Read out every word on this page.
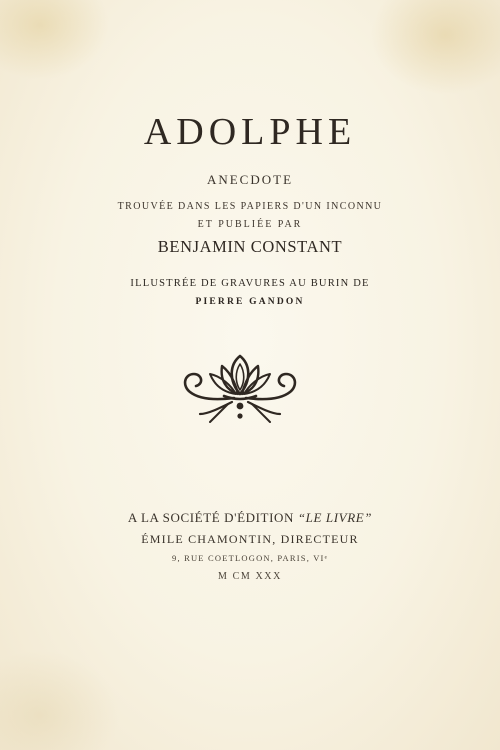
ADOLPHE
ANECDOTE
TROUVÉE DANS LES PAPIERS D'UN INCONNU
ET PUBLIÉE PAR
BENJAMIN CONSTANT
ILLUSTRÉE DE GRAVURES AU BURIN DE
PIERRE GANDON
A LA SOCIÉTÉ D'ÉDITION “LE LIVRE”
ÉMILE CHAMONTIN, DIRECTEUR
9, RUE COETLOGON, PARIS, VIᵉ
M CM XXX
